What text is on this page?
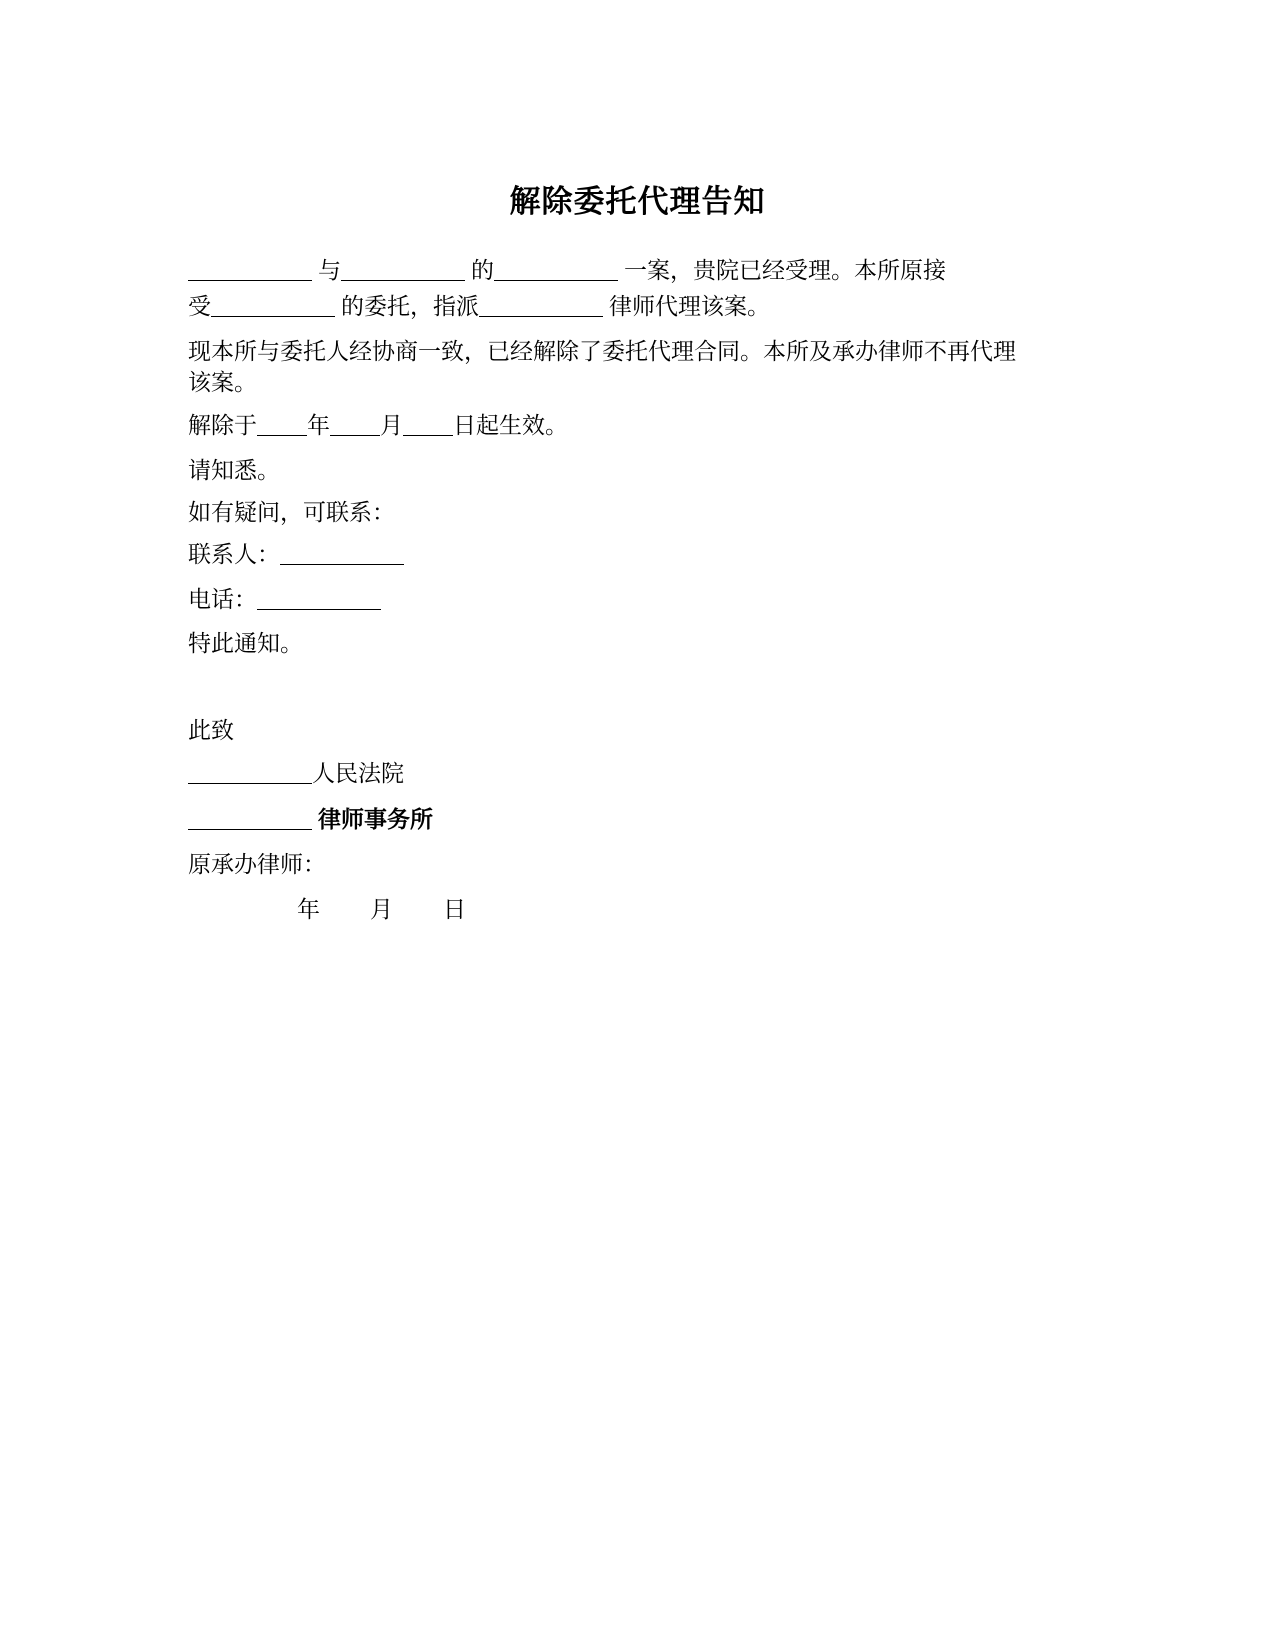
解除委托代理告知
与	的	一案，贵院已经受理。本所原接
受	的委托，指派	律师代理该案。
现本所与委托人经协商一致，已经解除了委托代理合同。本所及承办律师不再代理
该案。
解除于 年 月 日起生效。
请知悉。
如有疑问，可联系：
联系人：
电话：
特此通知。
此致
人民法院
律师事务所
原承办律师：
年 月 日
